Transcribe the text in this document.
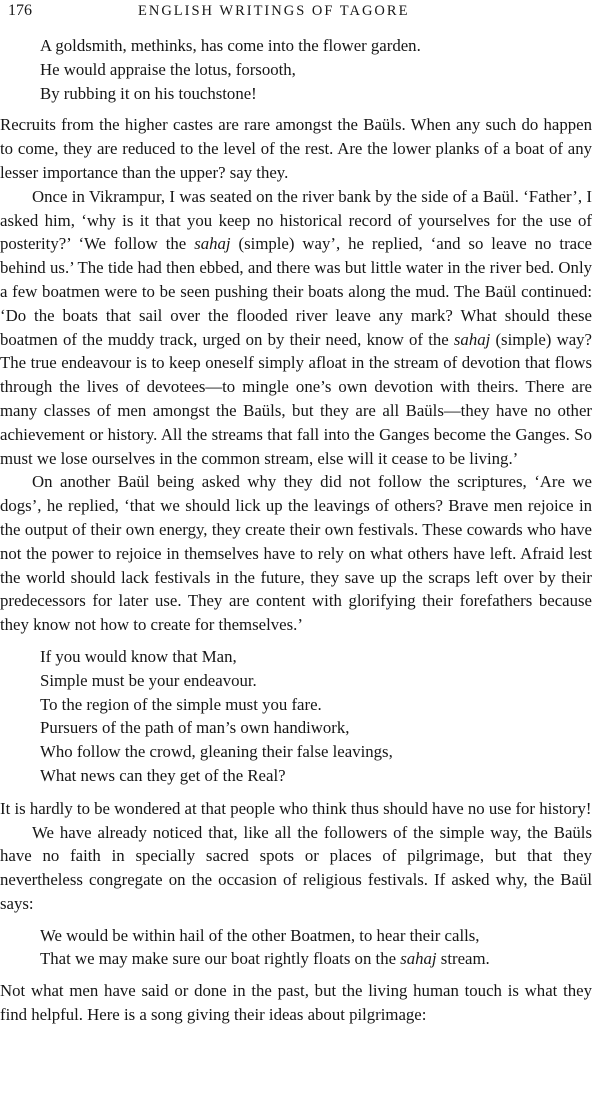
176	ENGLISH WRITINGS OF TAGORE
A goldsmith, methinks, has come into the flower garden.
He would appraise the lotus, forsooth,
By rubbing it on his touchstone!

Recruits from the higher castes are rare amongst the Baüls. When any such do happen to come, they are reduced to the level of the rest. Are the lower planks of a boat of any lesser importance than the upper? say they.

Once in Vikrampur, I was seated on the river bank by the side of a Baül. ‘Father’, I asked him, ‘why is it that you keep no historical record of yourselves for the use of posterity?’ ‘We follow the sahaj (simple) way’, he replied, ‘and so leave no trace behind us.’ The tide had then ebbed, and there was but little water in the river bed. Only a few boatmen were to be seen pushing their boats along the mud. The Baül continued: ‘Do the boats that sail over the flooded river leave any mark? What should these boatmen of the muddy track, urged on by their need, know of the sahaj (simple) way? The true endeavour is to keep oneself simply afloat in the stream of devotion that flows through the lives of devotees—to mingle one’s own devotion with theirs. There are many classes of men amongst the Baüls, but they are all Baüls—they have no other achievement or history. All the streams that fall into the Ganges become the Ganges. So must we lose ourselves in the common stream, else will it cease to be living.’

On another Baül being asked why they did not follow the scriptures, ‘Are we dogs’, he replied, ‘that we should lick up the leavings of others? Brave men rejoice in the output of their own energy, they create their own festivals. These cowards who have not the power to rejoice in themselves have to rely on what others have left. Afraid lest the world should lack festivals in the future, they save up the scraps left over by their predecessors for later use. They are content with glorifying their forefathers because they know not how to create for themselves.’

If you would know that Man,
Simple must be your endeavour.
To the region of the simple must you fare.
Pursuers of the path of man’s own handiwork,
Who follow the crowd, gleaning their false leavings,
What news can they get of the Real?

It is hardly to be wondered at that people who think thus should have no use for history!

We have already noticed that, like all the followers of the simple way, the Baüls have no faith in specially sacred spots or places of pilgrimage, but that they nevertheless congregate on the occasion of religious festivals. If asked why, the Baül says:

We would be within hail of the other Boatmen, to hear their calls,
That we may make sure our boat rightly floats on the sahaj stream.

Not what men have said or done in the past, but the living human touch is what they find helpful. Here is a song giving their ideas about pilgrimage:
